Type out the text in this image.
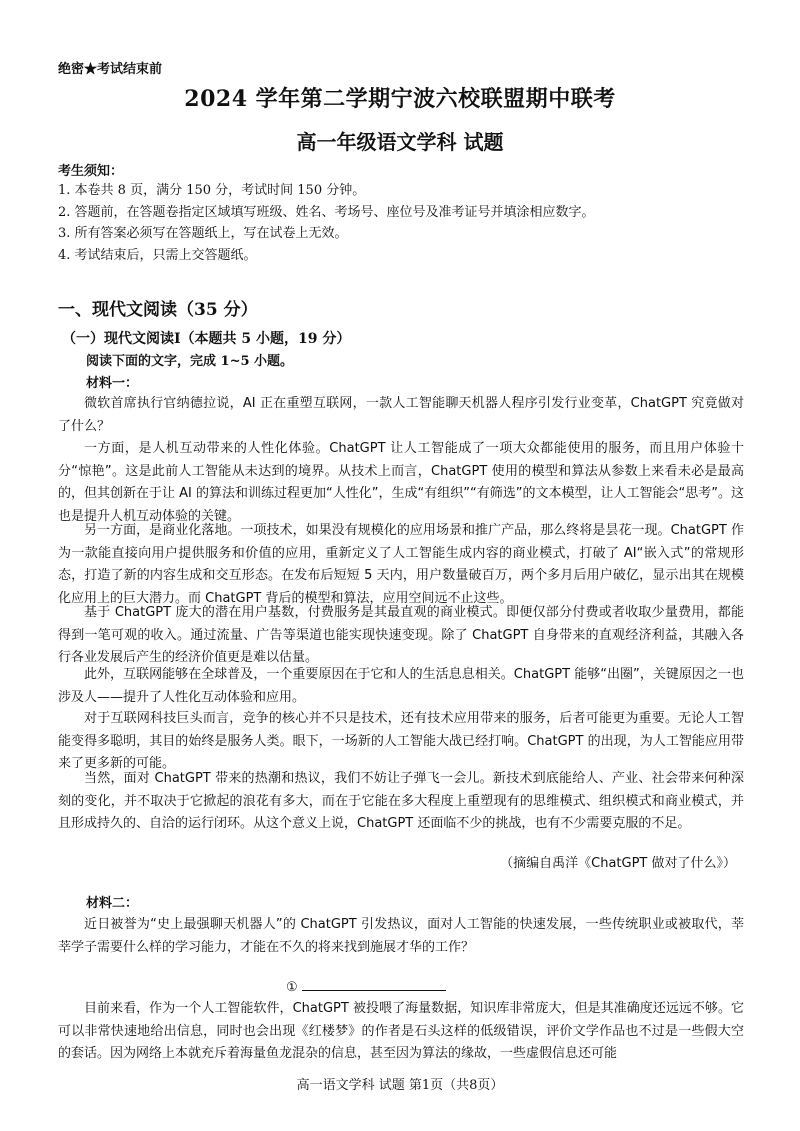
绝密★考试结束前
2024 学年第二学期宁波六校联盟期中联考
高一年级语文学科 试题
考生须知：
1. 本卷共 8 页，满分 150 分，考试时间 150 分钟。
2. 答题前，在答题卷指定区域填写班级、姓名、考场号、座位号及准考证号并填涂相应数字。
3. 所有答案必须写在答题纸上，写在试卷上无效。
4. 考试结束后，只需上交答题纸。
一、现代文阅读（35 分）
（一）现代文阅读Ⅰ（本题共 5 小题，19 分）
阅读下面的文字，完成 1~5 小题。
材料一：
微软首席执行官纳德拉说，AI 正在重塑互联网，一款人工智能聊天机器人程序引发行业变革，ChatGPT 究竟做对了什么？
一方面，是人机互动带来的人性化体验。ChatGPT 让人工智能成了一项大众都能使用的服务，而且用户体验十分“惊艳”。这是此前人工智能从未达到的境界。从技术上而言，ChatGPT 使用的模型和算法从参数上来看未必是最高的，但其创新在于让 AI 的算法和训练过程更加“人性化”，生成“有组织”“有筛选”的文本模型，让人工智能会“思考”。这也是提升人机互动体验的关键。
另一方面，是商业化落地。一项技术，如果没有规模化的应用场景和推广产品，那么终将是昙花一现。ChatGPT 作为一款能直接向用户提供服务和价值的应用，重新定义了人工智能生成内容的商业模式，打破了 AI“嵌入式”的常规形态，打造了新的内容生成和交互形态。在发布后短短 5 天内，用户数量破百万，两个多月后用户破亿，显示出其在规模化应用上的巨大潜力。而 ChatGPT 背后的模型和算法，应用空间远不止这些。
基于 ChatGPT 庞大的潜在用户基数，付费服务是其最直观的商业模式。即便仅部分付费或者收取少量费用，都能得到一笔可观的收入。通过流量、广告等渠道也能实现快速变现。除了 ChatGPT 自身带来的直观经济利益，其融入各行各业发展后产生的经济价值更是难以估量。
此外，互联网能够在全球普及，一个重要原因在于它和人的生活息息相关。ChatGPT 能够“出圈”，关键原因之一也涉及人——提升了人性化互动体验和应用。
对于互联网科技巨头而言，竞争的核心并不只是技术，还有技术应用带来的服务，后者可能更为重要。无论人工智能变得多聪明，其目的始终是服务人类。眼下，一场新的人工智能大战已经打响。ChatGPT 的出现，为人工智能应用带来了更多新的可能。
当然，面对 ChatGPT 带来的热潮和热议，我们不妨让子弹飞一会儿。新技术到底能给人、产业、社会带来何种深刻的变化，并不取决于它掀起的浪花有多大，而在于它能在多大程度上重塑现有的思维模式、组织模式和商业模式，并且形成持久的、自洽的运行闭环。从这个意义上说，ChatGPT 还面临不少的挑战，也有不少需要克服的不足。
（摘编自禹洋《ChatGPT 做对了什么》）
材料二：
近日被誉为“史上最强聊天机器人”的 ChatGPT 引发热议，面对人工智能的快速发展，一些传统职业或被取代，莘莘学子需要什么样的学习能力，才能在不久的将来找到施展才华的工作？
①
目前来看，作为一个人工智能软件，ChatGPT 被投喂了海量数据，知识库非常庞大，但是其准确度还远远不够。它可以非常快速地给出信息，同时也会出现《红楼梦》的作者是石头这样的低级错误，评价文学作品也不过是一些假大空的套话。因为网络上本就充斥着海量鱼龙混杂的信息，甚至因为算法的缘故，一些虚假信息还可能
高一语文学科 试题 第1页（共8页）
